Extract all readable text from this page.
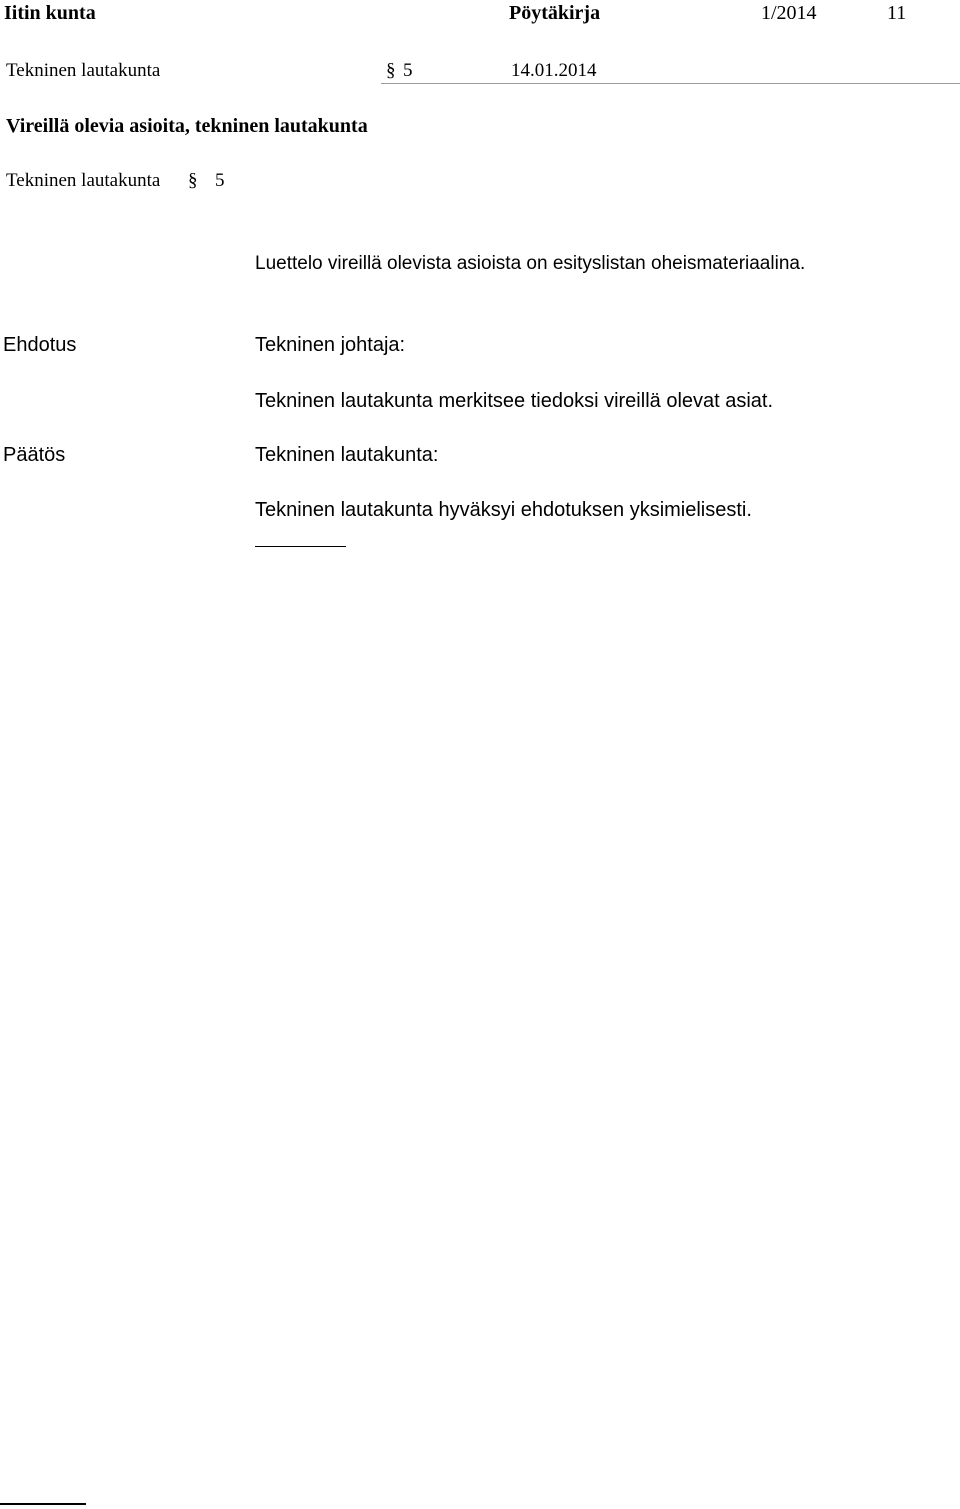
Iitin kunta	Pöytäkirja	1/2014	11
Tekninen lautakunta	§ 5	14.01.2014
Vireillä olevia asioita, tekninen lautakunta
Tekninen lautakunta § 5
Luettelo vireillä olevista asioista on esityslistan oheismateriaalina.
Ehdotus	Tekninen johtaja:
Tekninen lautakunta merkitsee tiedoksi vireillä olevat asiat.
Päätös	Tekninen lautakunta:
Tekninen lautakunta hyväksyi ehdotuksen yksimielisesti.
